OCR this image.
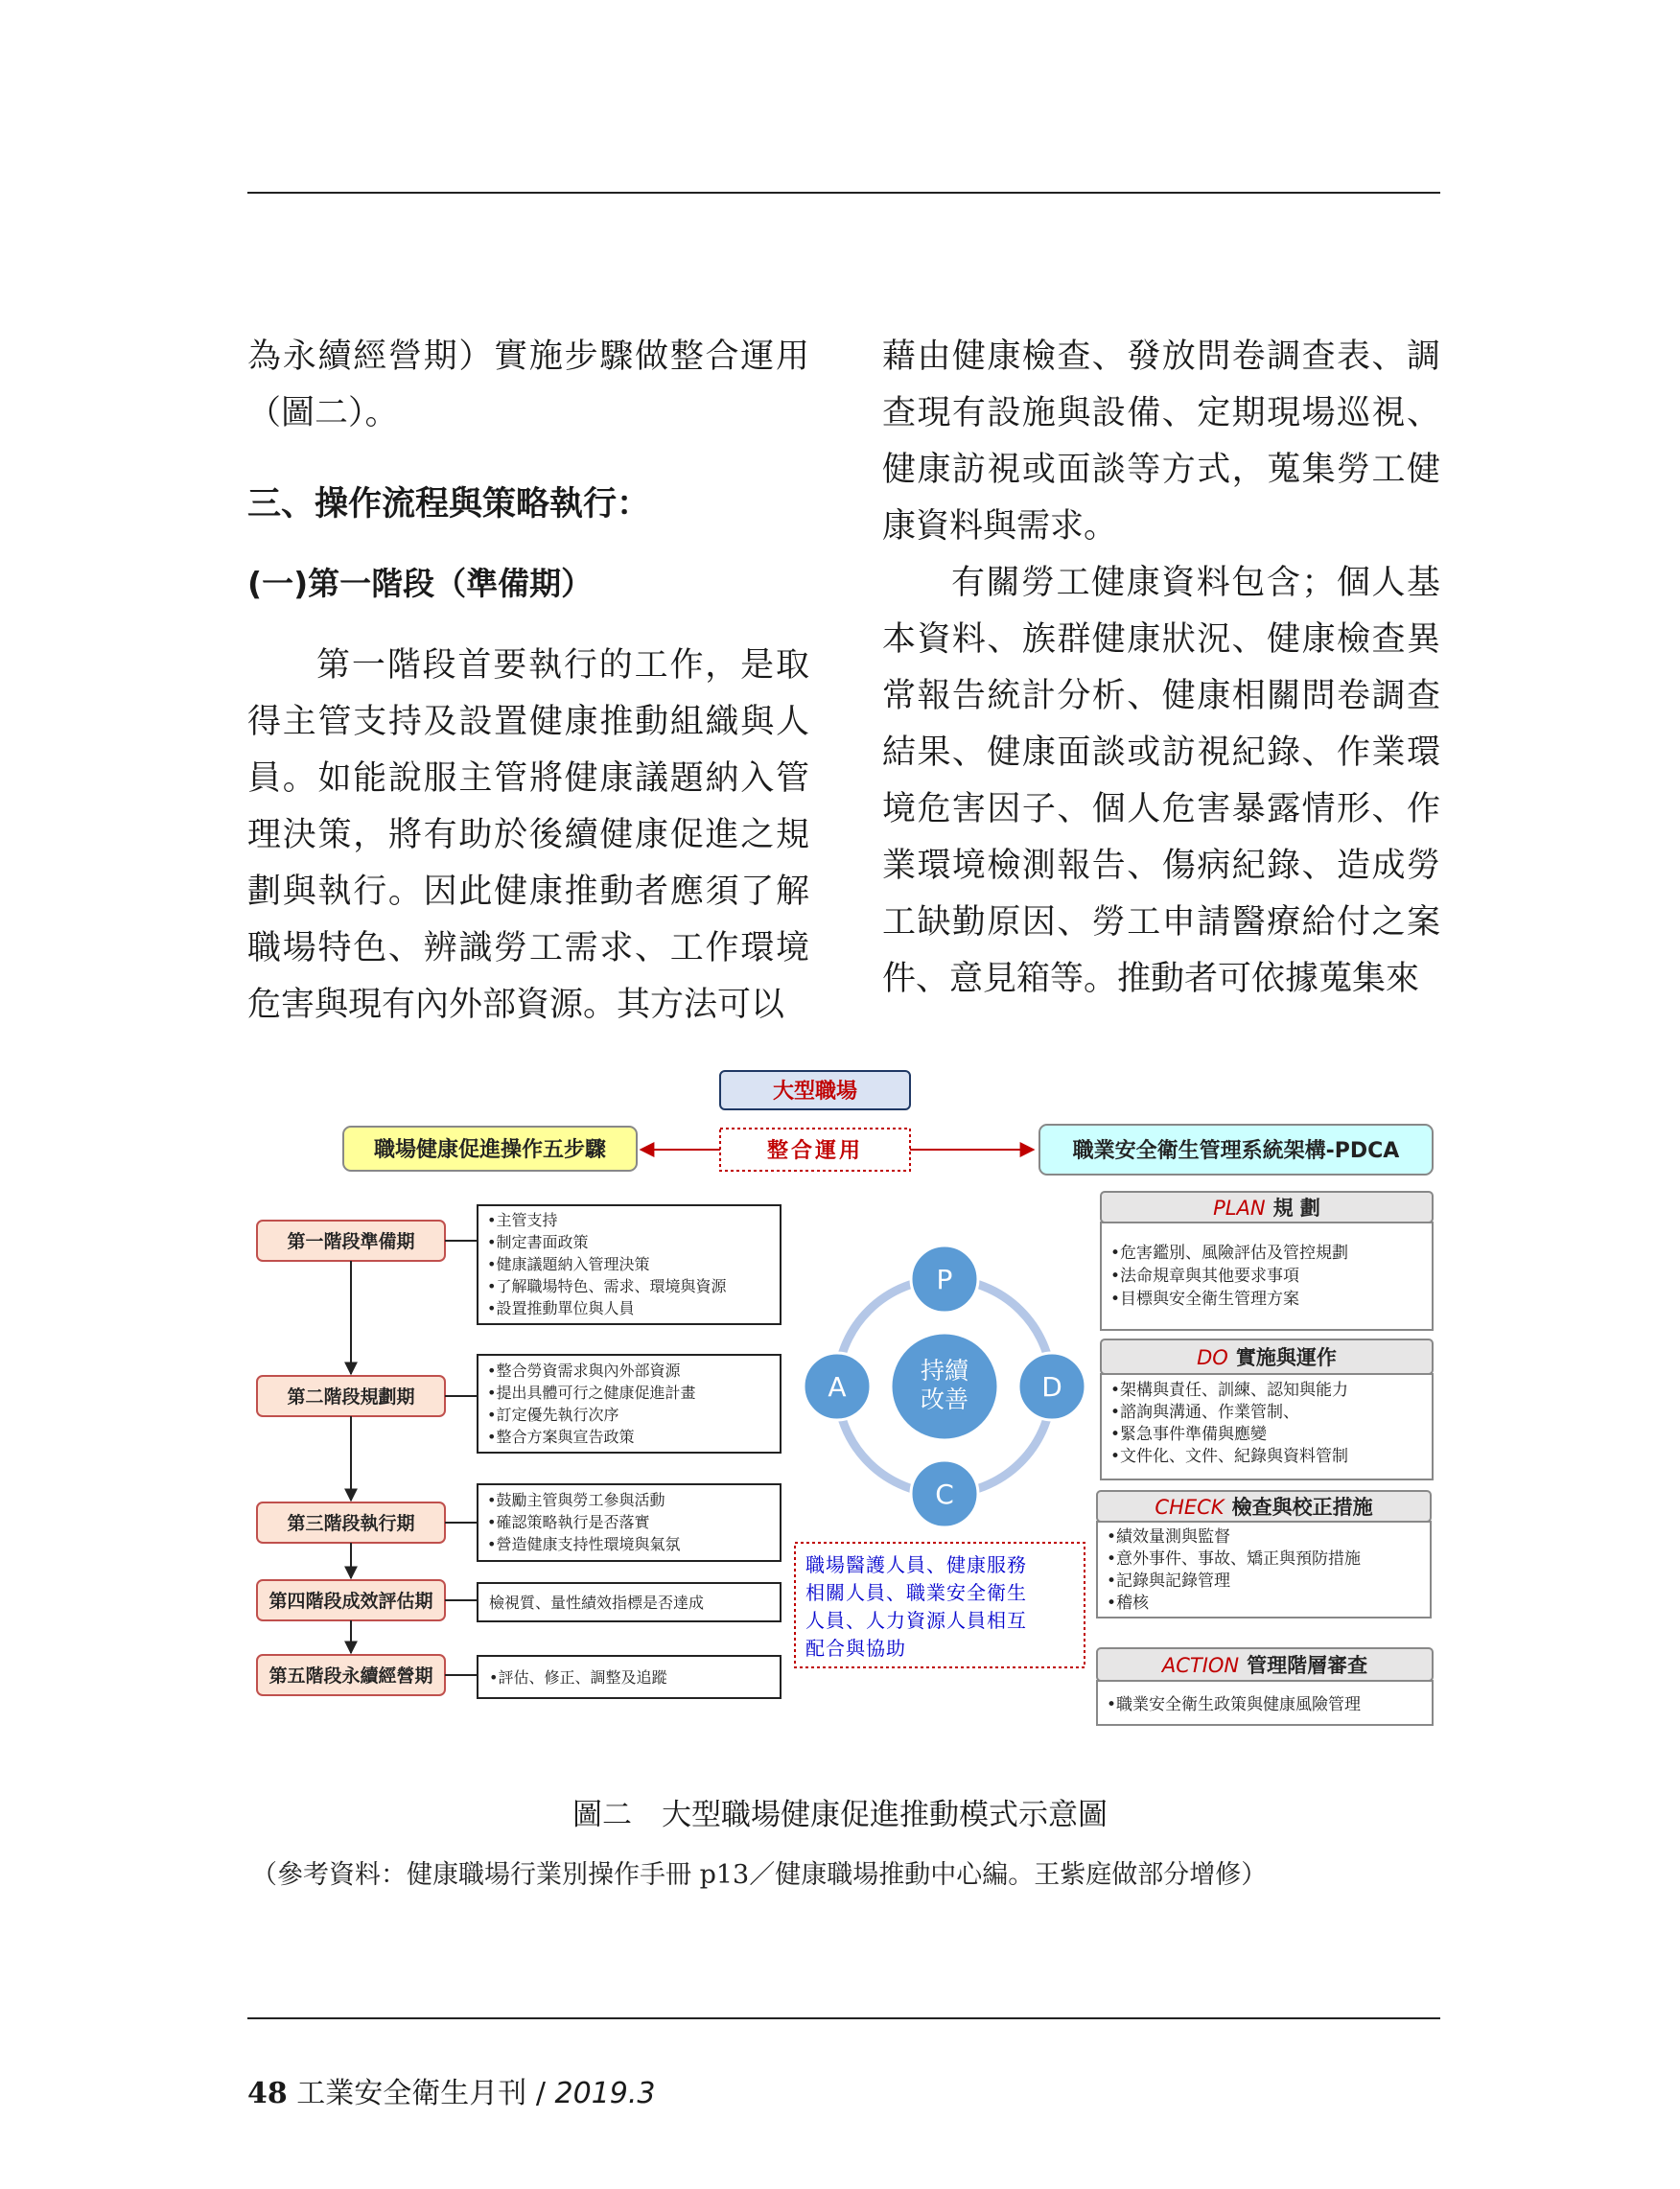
為永續經營期）實施步驟做整合運用（圖二）。

三、操作流程與策略執行：
(一)第一階段（準備期）

第一階段首要執行的工作，是取得主管支持及設置健康推動組織與人員。如能說服主管將健康議題納入管理決策，將有助於後續健康促進之規劃與執行。因此健康推動者應須了解職場特色、辨識勞工需求、工作環境危害與現有內外部資源。其方法可以

藉由健康檢查、發放問卷調查表、調查現有設施與設備、定期現場巡視、健康訪視或面談等方式，蒐集勞工健康資料與需求。

有關勞工健康資料包含；個人基本資料、族群健康狀況、健康檢查異常報告統計分析、健康相關問卷調查結果、健康面談或訪視紀錄、作業環境危害因子、個人危害暴露情形、作業環境檢測報告、傷病紀錄、造成勞工缺勤原因、勞工申請醫療給付之案件、意見箱等。推動者可依據蒐集來

大型職場
職場健康促進操作五步驟	整合運用	職業安全衛生管理系統架構-PDCA
第一階段準備期
第二階段規劃期
第三階段執行期
第四階段成效評估期
第五階段永續經營期
•主管支持 •制定書面政策 •健康議題納入管理決策 •了解職場特色、需求、環境與資源 •設置推動單位與人員
•整合勞資需求與內外部資源 •提出具體可行之健康促進計畫 •訂定優先執行次序 •整合方案與宣告政策
•鼓勵主管與勞工參與活動 •確認策略執行是否落實 •營造健康支持性環境與氣氛
檢視質、量性績效指標是否達成
•評估、修正、調整及追蹤
持續
改善
P
D
C
A
職場醫護人員、健康服務 相關人員、職業安全衛生 人員、人力資源人員相互 配合與協助
PLAN 規 劃
•危害鑑別、風險評估及管控規劃 •法命規章與其他要求事項 •目標與安全衛生管理方案
DO 實施與運作
•架構與責任、訓練、認知與能力 •諮詢與溝通、作業管制、 •緊急事件準備與應變 •文件化、文件、紀錄與資料管制
CHECK 檢查與校正措施
•績效量測與監督 •意外事件、事故、矯正與預防措施 •記錄與記錄管理 •稽核
ACTION 管理階層審查
•職業安全衛生政策與健康風險管理
圖二　大型職場健康促進推動模式示意圖
（參考資料：健康職場行業別操作手冊 p13／健康職場推動中心編。王紫庭做部分增修）
48 工業安全衛生月刊 / 2019.3
